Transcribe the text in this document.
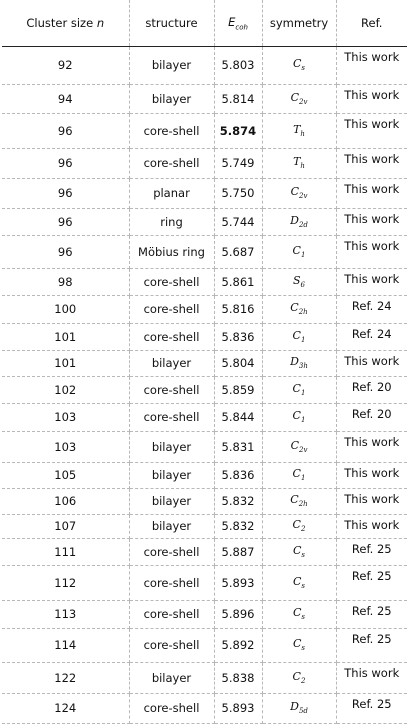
Cluster size n	structure	$E_{coh}$	symmetry	Ref.
92	bilayer	5.803	$C_s$	This work
94	bilayer	5.814	$C_{2v}$	This work
96	core-shell	5.874	$T_h$	This work
96	core-shell	5.749	$T_h$	This work
96	planar	5.750	$C_{2v}$	This work
96	ring	5.744	$D_{2d}$	This work
96	Möbius ring	5.687	$C_1$	This work
98	core-shell	5.861	$S_6$	This work
100	core-shell	5.816	$C_{2h}$	Ref. 24
101	core-shell	5.836	$C_1$	Ref. 24
101	bilayer	5.804	$D_{3h}$	This work
102	core-shell	5.859	$C_1$	Ref. 20
103	core-shell	5.844	$C_1$	Ref. 20
103	bilayer	5.831	$C_{2v}$	This work
105	bilayer	5.836	$C_1$	This work
106	bilayer	5.832	$C_{2h}$	This work
107	bilayer	5.832	$C_2$	This work
111	core-shell	5.887	$C_s$	Ref. 25
112	core-shell	5.893	$C_s$	Ref. 25
113	core-shell	5.896	$C_s$	Ref. 25
114	core-shell	5.892	$C_s$	Ref. 25
122	bilayer	5.838	$C_2$	This work
124	core-shell	5.893	$D_{5d}$	Ref. 25
